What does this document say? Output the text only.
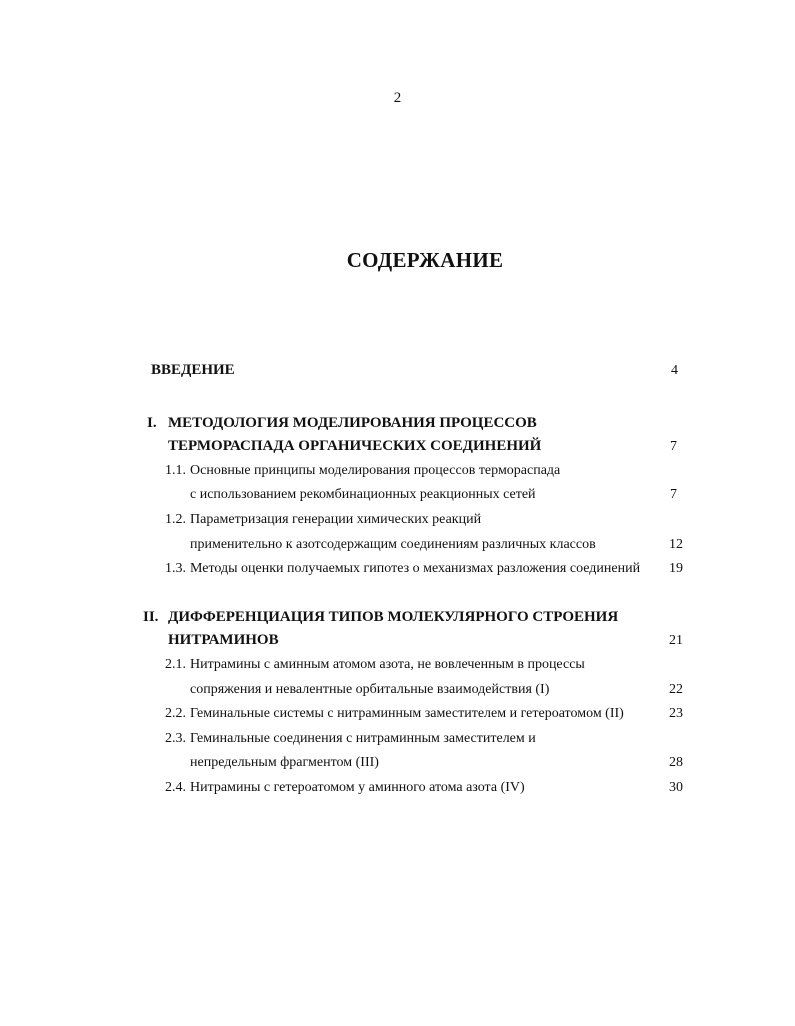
2
СОДЕРЖАНИЕ
ВВЕДЕНИЕ	4
I. МЕТОДОЛОГИЯ МОДЕЛИРОВАНИЯ ПРОЦЕССОВ
ТЕРМОРАСПАДА ОРГАНИЧЕСКИХ СОЕДИНЕНИЙ	7
1.1. Основные принципы моделирования процессов термораспада
с использованием рекомбинационных реакционных сетей	7
1.2. Параметризация генерации химических реакций
применительно к азотсодержащим соединениям различных классов	12
1.3. Методы оценки получаемых гипотез о механизмах разложения соединений	19
II. ДИФФЕРЕНЦИАЦИЯ ТИПОВ МОЛЕКУЛЯРНОГО СТРОЕНИЯ
НИТРАМИНОВ	21
2.1. Нитрамины с аминным атомом азота, не вовлеченным в процессы
сопряжения и невалентные орбитальные взаимодействия (I)	22
2.2. Геминальные системы с нитраминным заместителем и гетероатомом (II)	23
2.3. Геминальные соединения с нитраминным заместителем и
непредельным фрагментом (III)	28
2.4. Нитрамины с гетероатомом у аминного атома азота (IV)	30
